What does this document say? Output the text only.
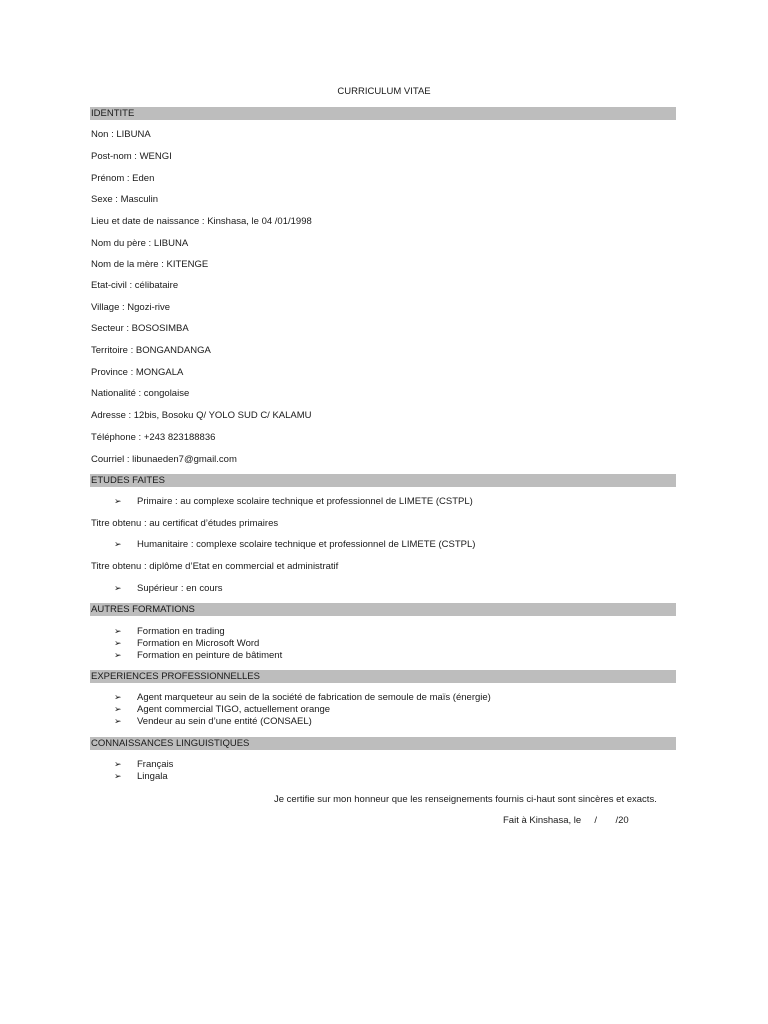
CURRICULUM VITAE
IDENTITE
Non : LIBUNA
Post-nom : WENGI
Prénom : Eden
Sexe : Masculin
Lieu et date de naissance : Kinshasa, le 04 /01/1998
Nom du père : LIBUNA
Nom de la mère : KITENGE
Etat-civil : célibataire
Village : Ngozi-rive
Secteur : BOSOSIMBA
Territoire : BONGANDANGA
Province : MONGALA
Nationalité : congolaise
Adresse : 12bis, Bosoku Q/ YOLO SUD C/ KALAMU
Téléphone : +243 823188836
Courriel : libunaeden7@gmail.com
ETUDES FAITES
➢ Primaire : au complexe scolaire technique et professionnel de LIMETE (CSTPL)
Titre obtenu : au certificat d’études primaires
➢ Humanitaire : complexe scolaire technique et professionnel de LIMETE (CSTPL)
Titre obtenu : diplôme d’Etat en commercial et administratif
➢ Supérieur : en cours
AUTRES FORMATIONS
➢ Formation en trading
➢ Formation en Microsoft Word
➢ Formation en peinture de bâtiment
EXPERIENCES PROFESSIONNELLES
➢ Agent marqueteur au sein de la société de fabrication de semoule de maïs (énergie)
➢ Agent commercial TIGO, actuellement orange
➢ Vendeur au sein d’une entité (CONSAEL)
CONNAISSANCES LINGUISTIQUES
➢ Français
➢ Lingala
Je certifie sur mon honneur que les renseignements fournis ci-haut sont sincères et exacts.
Fait à Kinshasa, le     /       /20
